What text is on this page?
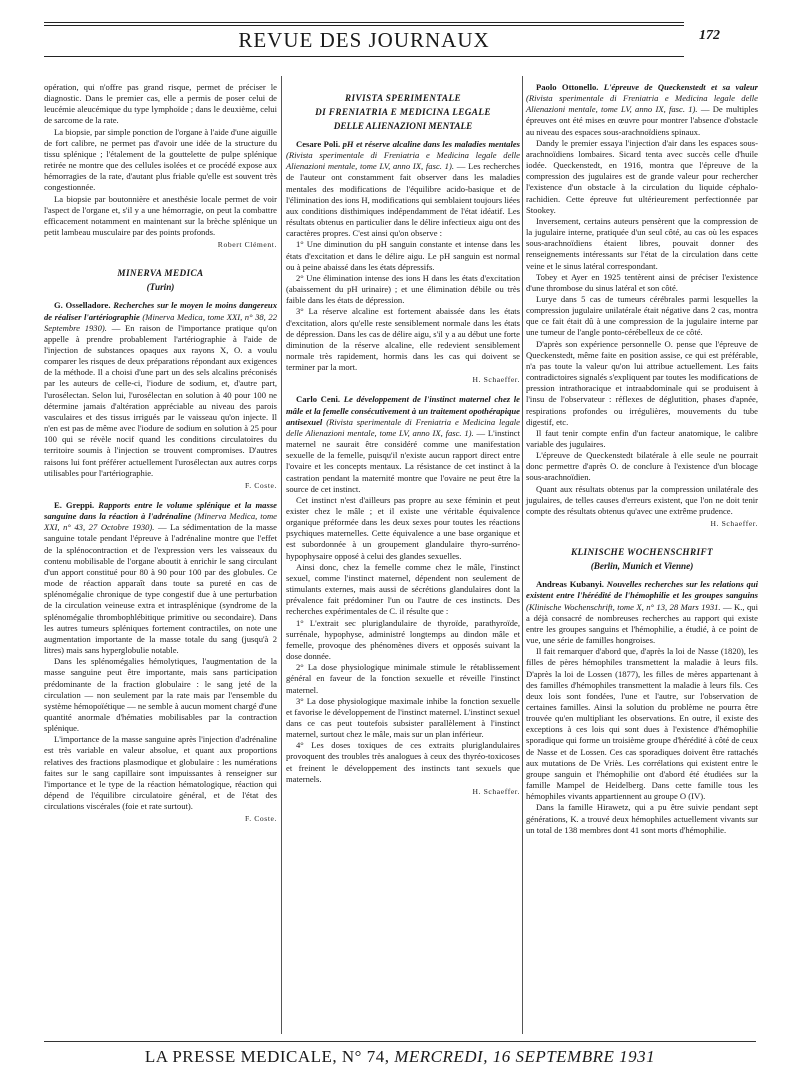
REVUE DES JOURNAUX	172

opération, qui n'offre pas grand risque, permet de préciser le diagnostic. Dans le premier cas, elle a permis de poser celui de leucémie aleucémique du type lymphoïde ; dans le deuxième, celui de sarcome de la rate.

La biopsie, par simple ponction de l'organe à l'aide d'une aiguille de fort calibre, ne permet pas d'avoir une idée de la structure du tissu splénique ; l'étalement de la gouttelette de pulpe splénique retirée ne montre que des cellules isolées et ce procédé expose aux hémorragies de la rate, d'autant plus friable qu'elle est souvent très congestionnée.

La biopsie par boutonnière et anesthésie locale permet de voir l'aspect de l'organe et, s'il y a une hémorragie, on peut la combattre efficacement notamment en maintenant sur la brèche splénique un petit lambeau musculaire par des points profonds.

Robert Clément.

MINERVA MEDICA
(Turin)

G. Osselladore. Recherches sur le moyen le moins dangereux de réaliser l'artériographie (Minerva Medica, tome XXI, n° 38, 22 Septembre 1930). — En raison de l'importance pratique qu'on appelle à prendre probablement l'artériographie à l'aide de l'injection de substances opaques aux rayons X, O. a voulu comparer les risques de deux préparations répondant aux exigences de la méthode. Il a choisi d'une part un des sels alcalins préconisés par les auteurs de celle-ci, l'iodure de sodium, et, d'autre part, l'urosélectan. Selon lui, l'urosélectan en solution à 40 pour 100 ne détermine jamais d'altération appréciable au niveau des parois vasculaires et des tissus irrigués par le vaisseau qu'on injecte. Il n'en est pas de même avec l'iodure de sodium en solution à 25 pour 100 qui se révèle nocif quand les conditions circulatoires du territoire soumis à l'injection se trouvent compromises. D'autres raisons lui font préférer actuellement l'urosélectan aux autres corps utilisables pour l'artériographie.

F. Coste.

E. Greppi. Rapports entre le volume splénique et la masse sanguine dans la réaction à l'adrénaline (Minerva Medica, tome XXI, n° 43, 27 Octobre 1930). — La sédimentation de la masse sanguine totale pendant l'épreuve à l'adrénaline montre que l'effet de la splénocontraction et de l'expression vers les vaisseaux du contenu mobilisable de l'organe aboutit à enrichir le sang circulant d'un apport constitué pour 80 à 90 pour 100 par des globules. Ce mode de réaction apparaît dans toute sa pureté en cas de splénomégalie chronique de type congestif due à une perturbation de la circulation veineuse extra et intrasplénique (syndrome de la splénomégalie thrombophlébitique primitive ou secondaire). Dans les autres tumeurs spléniques fortement contractiles, on note une augmentation importante de la masse totale du sang (jusqu'à 2 litres) mais sans hyperglobulie notable.

Dans les splénomégalies hémolytiques, l'augmentation de la masse sanguine peut être importante, mais sans participation prédominante de la fraction globulaire : le sang jeté de la circulation — non seulement par la rate mais par l'ensemble du système hémopoïétique — ne semble à aucun moment chargé d'une quantité anormale d'hématies mobilisables par la contraction splénique.

L'importance de la masse sanguine après l'injection d'adrénaline est très variable en valeur absolue, et quant aux proportions relatives des fractions plasmodique et globulaire : les numérations faites sur le sang capillaire sont impuissantes à renseigner sur l'importance et le type de la réaction hématologique, réaction qui dépend de l'équilibre circulatoire général, et de l'état des circulations viscérales (foie et rate surtout).

F. Coste.

RIVISTA SPERIMENTALE
DI FRENIATRIA E MEDICINA LEGALE
DELLE ALIENAZIONI MENTALE

Cesare Poli. pH et réserve alcaline dans les maladies mentales (Rivista sperimentale di Freniatria e Medicina legale delle Alienazioni mentale, tome LV, anno IX, fasc. 1). — Les recherches de l'auteur ont constamment fait observer dans les maladies mentales des modifications de l'équilibre acido-basique et de l'élimination des ions H, modifications qui semblaient toujours liées aux conditions disthimiques indépendamment de l'état idéatif. Les résultats obtenus en particulier dans le délire infectieux aigu ont des caractères propres. C'est ainsi qu'on observe :

1° Une diminution du pH sanguin constante et intense dans les états d'excitation et dans le délire aigu. Le pH sanguin est normal ou à peine abaissé dans les états dépressifs.

2° Une élimination intense des ions H dans les états d'excitation (abaissement du pH urinaire) ; et une élimination débile ou très faible dans les états de dépression.

3° La réserve alcaline est fortement abaissée dans les états d'excitation, alors qu'elle reste sensiblement normale dans les états de dépression. Dans les cas de délire aigu, s'il y a au début une forte diminution de la réserve alcaline, elle redevient sensiblement normale très rapidement, hormis dans les cas qui doivent se terminer par la mort.

H. Schaeffer.

Carlo Ceni. Le développement de l'instinct maternel chez le mâle et la femelle consécutivement à un traitement opothérapique antisexuel (Rivista sperimentale di Freniatria e Medicina legale delle Alienazioni mentale, tome LV, anno IX, fasc. 1). — L'instinct maternel ne saurait être considéré comme une manifestation sexuelle de la femelle, puisqu'il n'existe aucun rapport direct entre l'ovaire et les concepts mentaux. La résistance de cet instinct à la castration pendant la maternité montre que l'ovaire ne peut être la source de cet instinct.

Cet instinct n'est d'ailleurs pas propre au sexe féminin et peut exister chez le mâle ; et il existe une véritable équivalence organique préformée dans les deux sexes pour toutes les réactions psychiques maternelles. Cette équivalence a une base organique et est subordonnée à un groupement glandulaire thyro-surréno-hypophysaire opposé à celui des glandes sexuelles.

Ainsi donc, chez la femelle comme chez le mâle, l'instinct sexuel, comme l'instinct maternel, dépendent non seulement de stimulants externes, mais aussi de sécrétions glandulaires dont la prévalence fait prédominer l'un ou l'autre de ces instincts. Des recherches expérimentales de C. il résulte que :

1° L'extrait sec pluriglandulaire de thyroïde, parathyroïde, surrénale, hypophyse, administré longtemps au dindon mâle et femelle, provoque des phénomènes divers et opposés suivant la dose donnée.

2° La dose physiologique minimale stimule le rétablissement général en faveur de la fonction sexuelle et réveille l'instinct maternel.

3° La dose physiologique maximale inhibe la fonction sexuelle et favorise le développement de l'instinct maternel. L'instinct sexuel dans ce cas peut toutefois subsister parallèlement à l'instinct maternel, surtout chez le mâle, mais sur un plan inférieur.

4° Les doses toxiques de ces extraits pluriglandulaires provoquent des troubles très analogues à ceux des thyréo-toxicoses et freinent le développement des instincts tant sexuels que maternels.

H. Schaeffer.

Paolo Ottonello. L'épreuve de Queckenstedt et sa valeur (Rivista sperimentale di Freniatria e Medicina legale delle Alienazioni mentale, tome LV, anno IX, fasc. 1). — De multiples épreuves ont été mises en œuvre pour montrer l'absence d'obstacle au niveau des espaces sous-arachnoïdiens spinaux.

Dandy le premier essaya l'injection d'air dans les espaces sous-arachnoïdiens lombaires. Sicard tenta avec succès celle d'huile iodée. Queckenstedt, en 1916, montra que l'épreuve de la compression des jugulaires est de grande valeur pour rechercher l'existence d'un obstacle à la circulation du liquide céphalo-rachidien. Cette épreuve fut ultérieurement perfectionnée par Stookey.

Inversement, certains auteurs pensèrent que la compression de la jugulaire interne, pratiquée d'un seul côté, au cas où les espaces sous-arachnoïdiens étaient libres, pouvait donner des renseignements intéressants sur l'état de la circulation dans cette veine et le sinus latéral correspondant.

Tobey et Ayer en 1925 tentèrent ainsi de préciser l'existence d'une thrombose du sinus latéral et son côté.

Lurye dans 5 cas de tumeurs cérébrales parmi lesquelles la compression jugulaire unilatérale était négative dans 2 cas, montra que ce fait était dû à une compression de la jugulaire interne par une tumeur de l'angle ponto-cérébelleux de ce côté.

D'après son expérience personnelle O. pense que l'épreuve de Queckenstedt, même faite en position assise, ce qui est préférable, n'a pas toute la valeur qu'on lui attribue actuellement. Les faits contradictoires signalés s'expliquent par toutes les modifications de pression intrathoracique et intraabdominale qui se produisent à l'insu de l'observateur : réflexes de déglutition, phases d'apnée, respirations profondes ou irrégulières, mouvements du tube digestif, etc.

Il faut tenir compte enfin d'un facteur anatomique, le calibre variable des jugulaires.

L'épreuve de Queckenstedt bilatérale à elle seule ne pourrait donc permettre d'après O. de conclure à l'existence d'un blocage sous-arachnoïdien.

Quant aux résultats obtenus par la compression unilatérale des jugulaires, de telles causes d'erreurs existent, que l'on ne doit tenir compte des résultats obtenus qu'avec une extrême prudence.

H. Schaeffer.

KLINISCHE WOCHENSCHRIFT
(Berlin, Munich et Vienne)

Andreas Kubanyi. Nouvelles recherches sur les relations qui existent entre l'hérédité de l'hémophilie et les groupes sanguins (Klinische Wochenschrift, tome X, n° 13, 28 Mars 1931. — K., qui a déjà consacré de nombreuses recherches au rapport qui existe entre les groupes sanguins et l'hémophilie, a étudié, à ce point de vue, une série de familles hongroises.

Il fait remarquer d'abord que, d'après la loi de Nasse (1820), les filles de pères hémophiles transmettent la maladie à leurs fils. D'après la loi de Lossen (1877), les filles de mères appartenant à des familles d'hémophiles transmettent la maladie à leurs fils. Ces deux lois sont fondées, l'une et l'autre, sur l'observation de certaines familles. Ainsi la solution du problème ne pourra être trouvée qu'en multipliant les observations. En outre, il existe des exceptions à ces lois qui sont dues à l'existence d'hémophilie sporadique qui forme un troisième groupe d'hérédité à côté de ceux de Nasse et de Lossen. Ces cas sporadiques doivent être rattachés aux mutations de De Vriès. Les corrélations qui existent entre le groupe sanguin et l'hémophilie ont d'abord été étudiées sur la famille Mampel de Heidelberg. Dans cette famille tous les hémophiles vivants appartiennent au groupe O (IV).

Dans la famille Hirawetz, qui a pu être suivie pendant sept générations, K. a trouvé deux hémophiles actuellement vivants sur un total de 138 membres dont 41 sont morts d'hémophilie.

LA PRESSE MEDICALE, N° 74, MERCREDI, 16 SEPTEMBRE 1931
